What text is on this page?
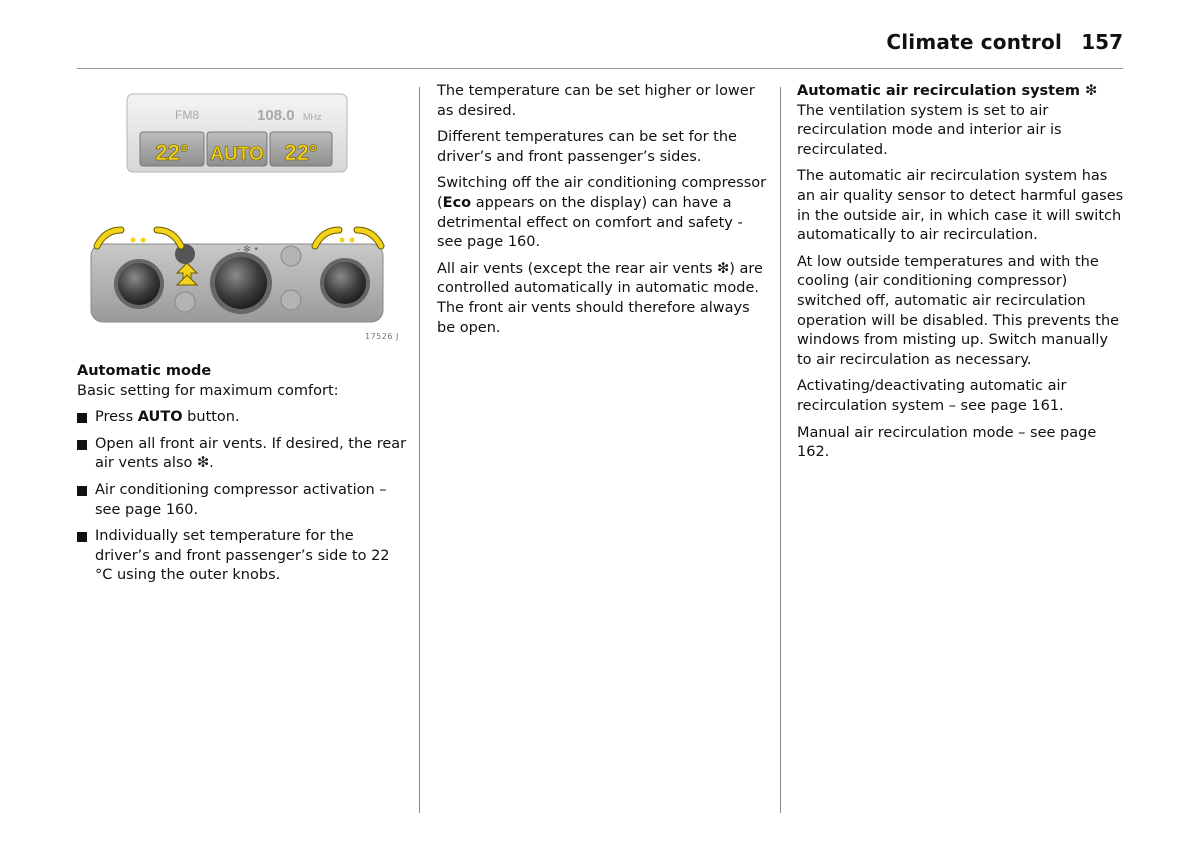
Climate control 157
FM8	108.0 MHz
22° AUTO 22°
- ✻ •
17526 J

Automatic mode

Basic setting for maximum comfort:

Press AUTO button.
Open all front air vents. If desired, the rear air vents also ❇.
Air conditioning compressor activation – see page 160.
Individually set temperature for the driver’s and front passenger’s side to 22 °C using the outer knobs.

The temperature can be set higher or lower as desired.

Different temperatures can be set for the driver’s and front passenger’s sides.

Switching off the air conditioning compressor (Eco appears on the display) can have a detrimental effect on comfort and safety - see page 160.

All air vents (except the rear air vents ❇) are controlled automatically in automatic mode. The front air vents should therefore always be open.

Automatic air recirculation system ❇

The ventilation system is set to air recirculation mode and interior air is recirculated.

The automatic air recirculation system has an air quality sensor to detect harmful gases in the outside air, in which case it will switch automatically to air recirculation.

At low outside temperatures and with the cooling (air conditioning compressor) switched off, automatic air recirculation operation will be disabled. This prevents the windows from misting up. Switch manually to air recirculation as necessary.

Activating/deactivating automatic air recirculation system – see page 161.

Manual air recirculation mode – see page 162.
